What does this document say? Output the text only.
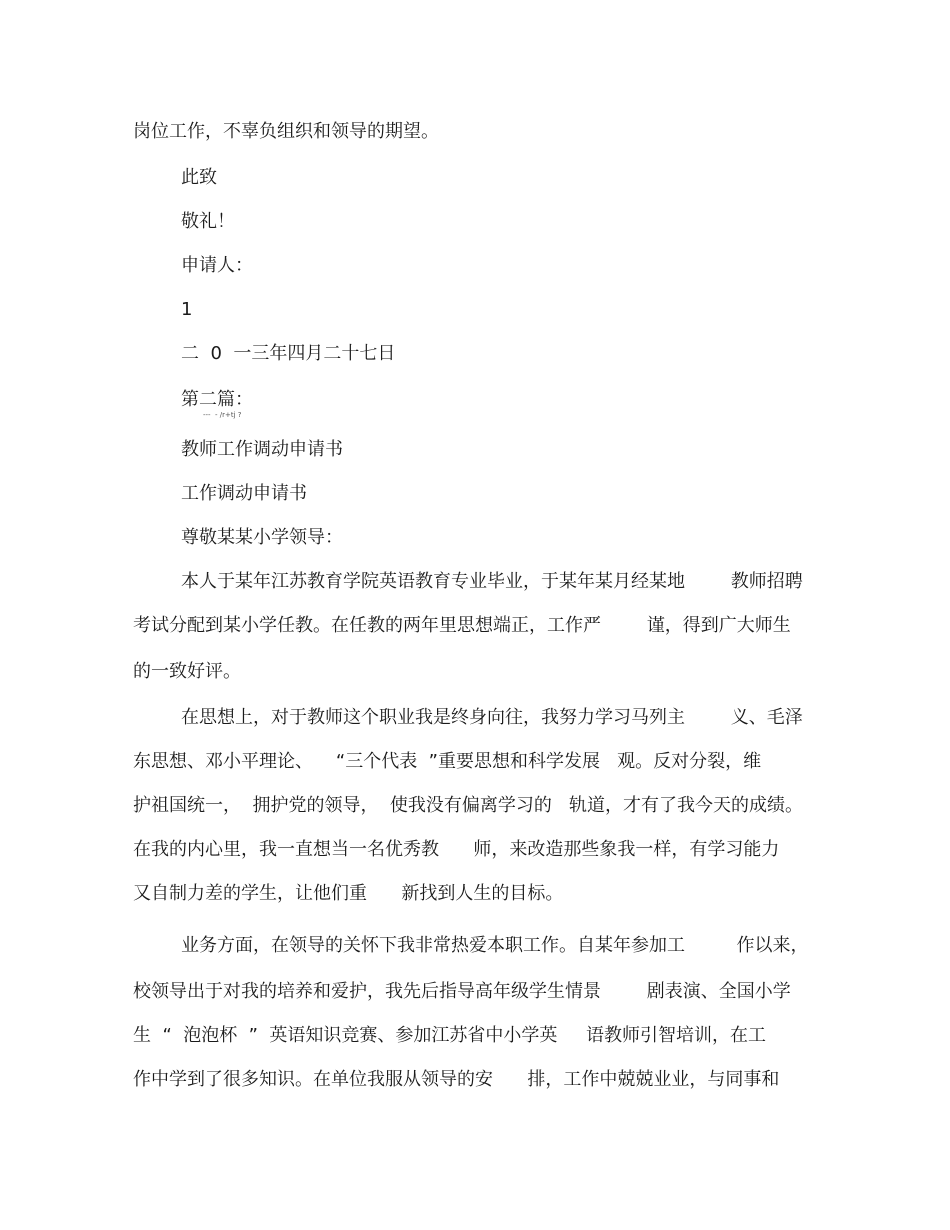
岗位工作，不辜负组织和领导的期望。

此致

敬礼！

申请人：

1

二  0  一三年四月二十七日

第二篇：

---  - /r+tj ?

教师工作调动申请书

工作调动申请书

尊敬某某小学领导：

本人于某年江苏教育学院英语教育专业毕业，于某年某月经某地        教师招聘

考试分配到某小学任教。在任教的两年里思想端正，工作严        谨，得到广大师生

的一致好评。

在思想上，对于教师这个职业我是终身向往，我努力学习马列主        义、毛泽

东思想、邓小平理论、    “三个代表  ”重要思想和科学发展   观。反对分裂，维

护祖国统一，  拥护党的领导，  使我没有偏离学习的   轨道，才有了我今天的成绩。

在我的内心里，我一直想当一名优秀教      师，来改造那些象我一样，有学习能力

又自制力差的学生，让他们重      新找到人生的目标。

业务方面，在领导的关怀下我非常热爱本职工作。自某年参加工         作以来，

校领导出于对我的培养和爱护，我先后指导高年级学生情景        剧表演、全国小学

生  “  泡泡杯  ”  英语知识竞赛、参加江苏省中小学英     语教师引智培训，在工

作中学到了很多知识。在单位我服从领导的安      排，工作中兢兢业业，与同事和
